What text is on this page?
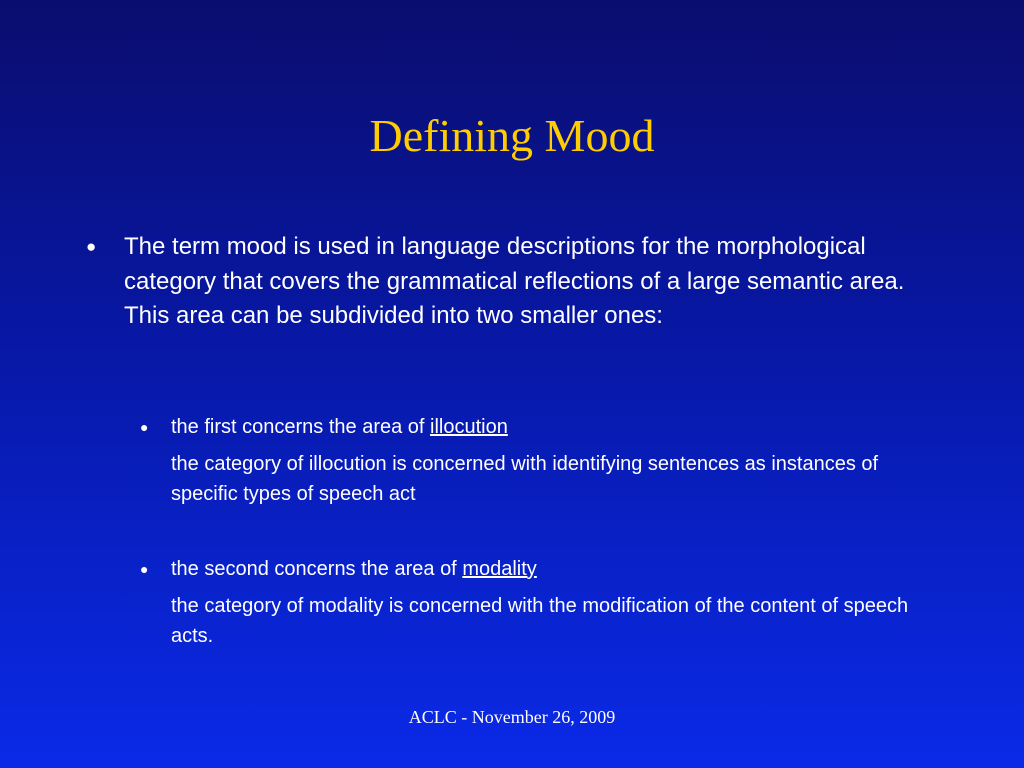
Defining Mood
● The term mood is used in language descriptions for the morphological category that covers the grammatical reflections of a large semantic area. This area can be subdivided into two smaller ones:
● the first concerns the area of illocution
the category of illocution is concerned with identifying sentences as instances of specific types of speech act
● the second concerns the area of modality
the category of modality is concerned with the modification of the content of speech acts.
ACLC - November 26, 2009
